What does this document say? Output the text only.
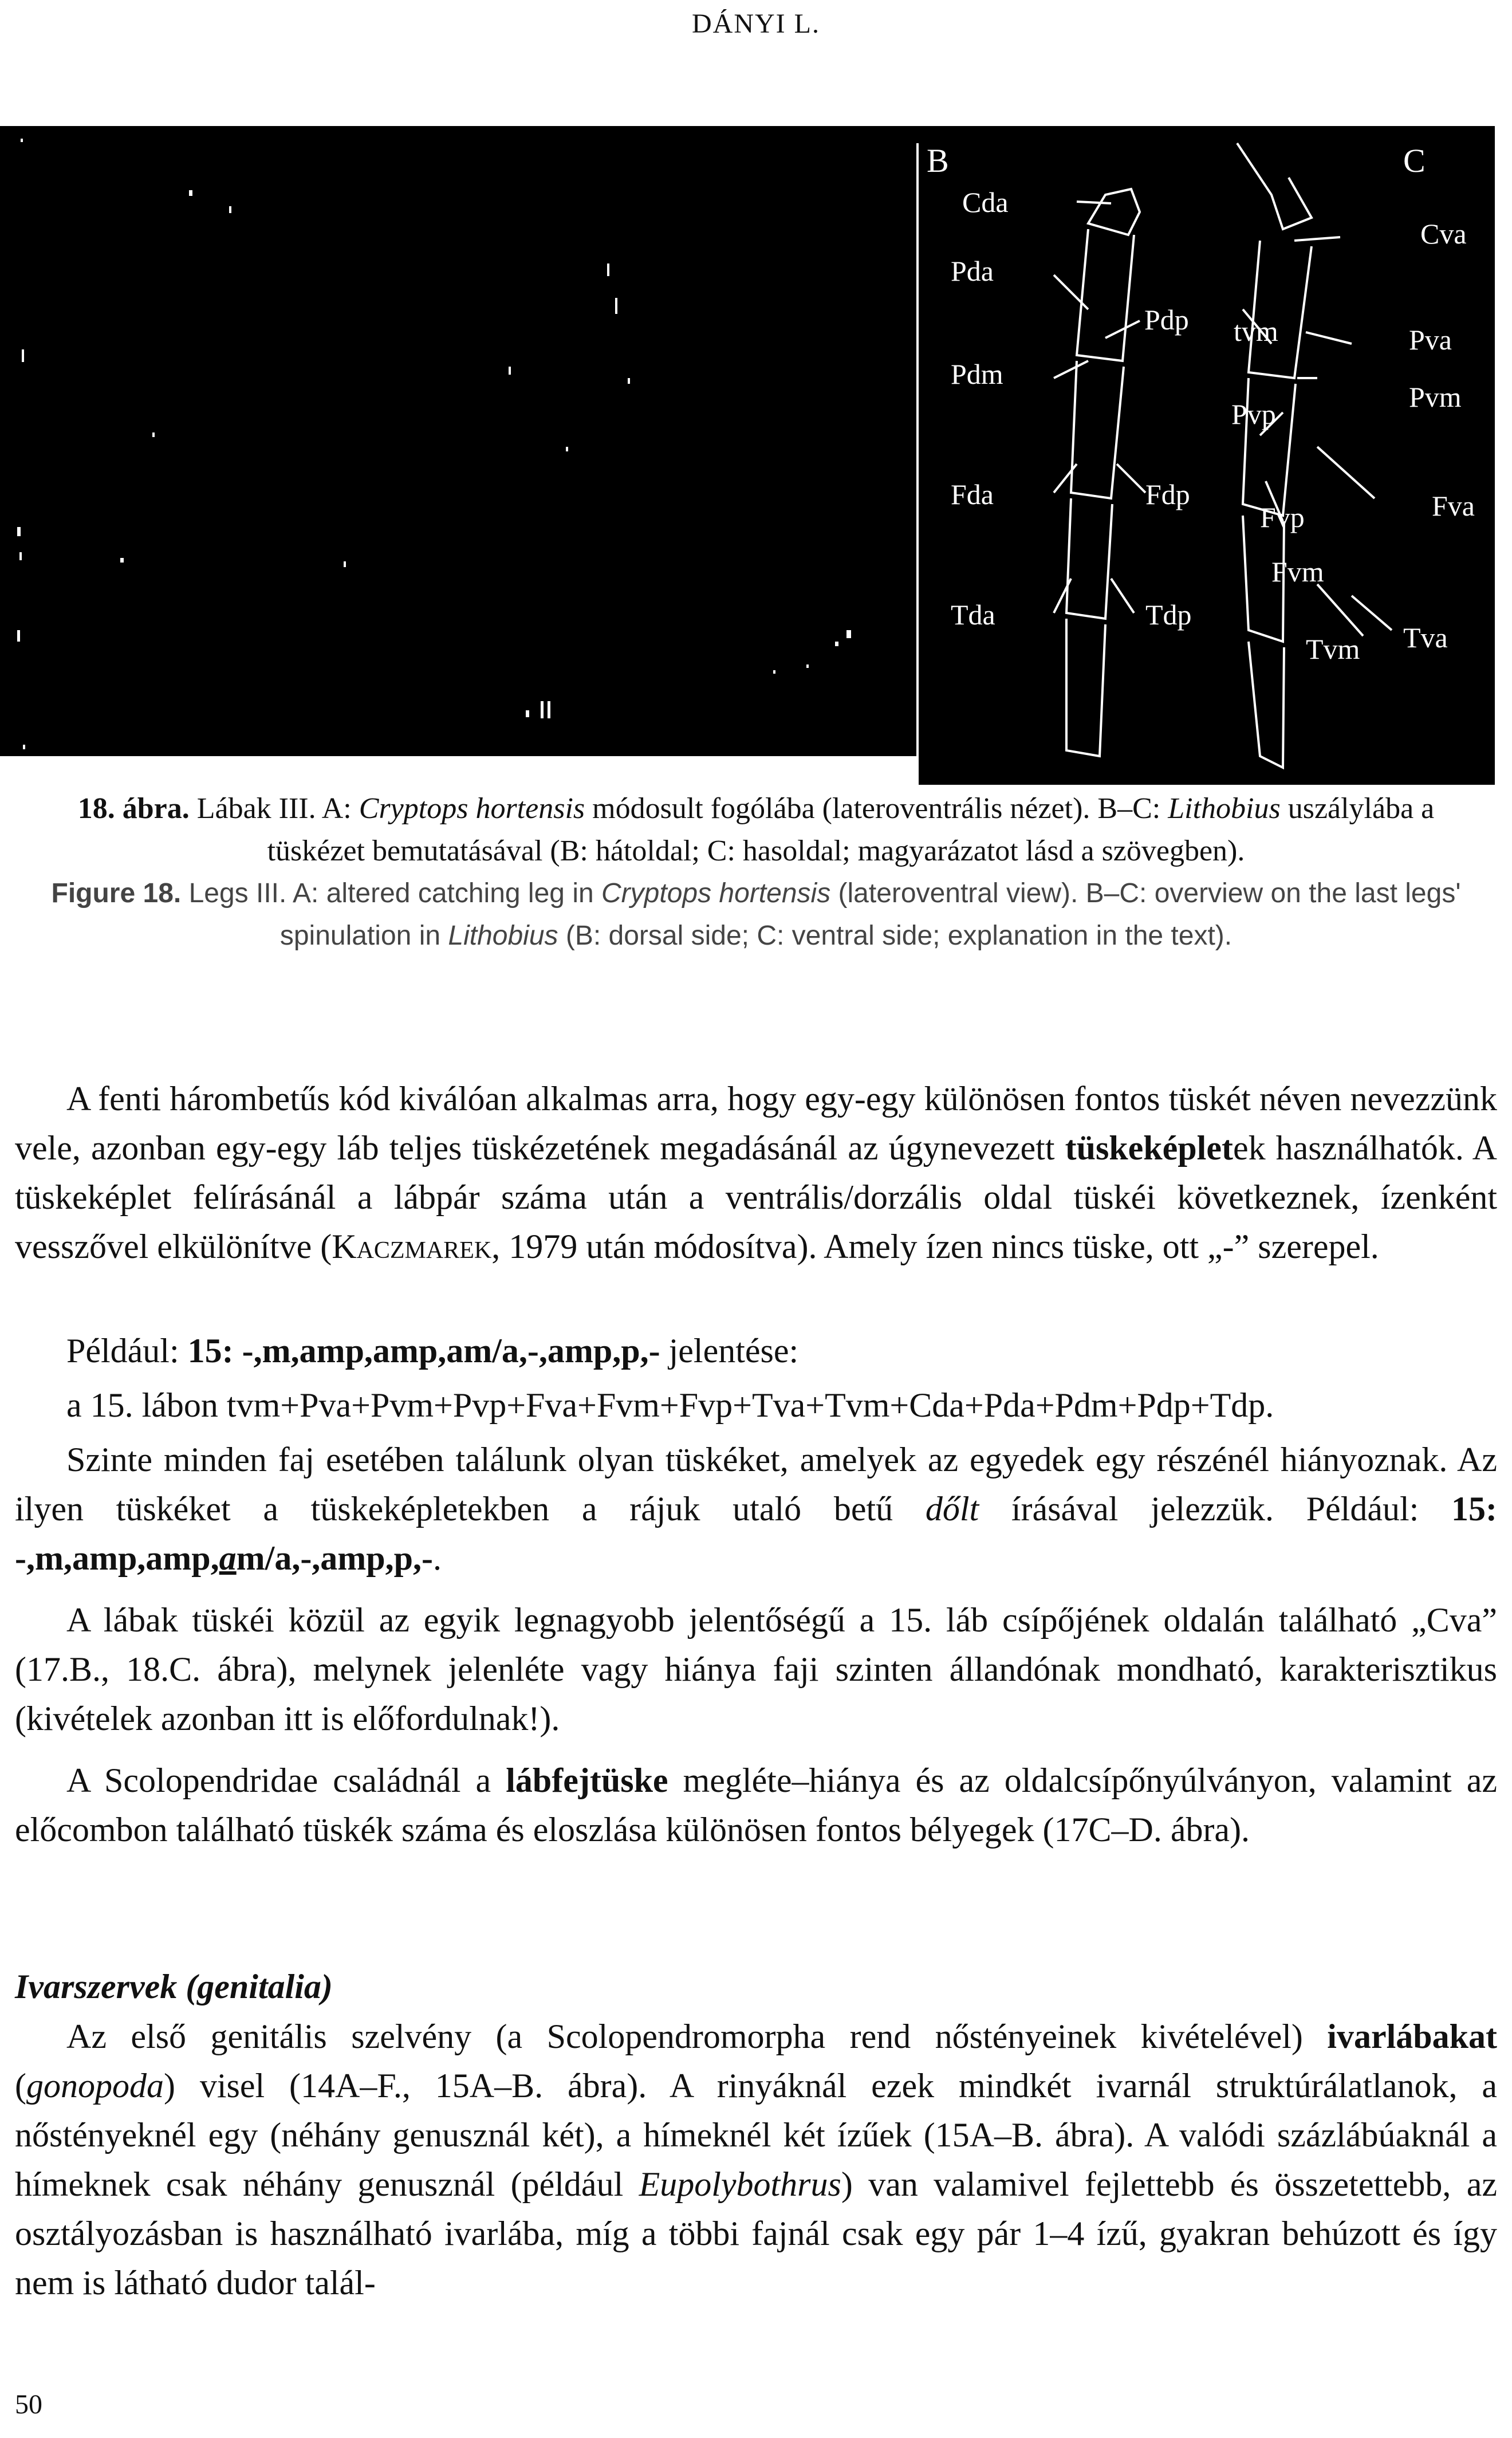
DÁNYI L.
B
Cda
Pda
Pdm
Pdp
Fda	Fdp
Tda	Tdp
C
Cva
tvm	Pva
Pvp
Pvm
Fvp	Fva
Fvm
Tvm Tva
18. ábra. Lábak III. A: Cryptops hortensis módosult fogólába (lateroventrális nézet). B–C: Lithobius uszálylába a tüskézet bemutatásával (B: hátoldal; C: hasoldal; magyarázatot lásd a szövegben).
Figure 18. Legs III. A: altered catching leg in Cryptops hortensis (lateroventral view). B–C: overview on the last legs' spinulation in Lithobius (B: dorsal side; C: ventral side; explanation in the text).

A fenti hárombetűs kód kiválóan alkalmas arra, hogy egy-egy különösen fontos tüskét néven nevezzünk vele, azonban egy-egy láb teljes tüskézetének megadásánál az úgynevezett tüskeképletek használhatók. A tüskeképlet felírásánál a lábpár száma után a ventrális/dorzális oldal tüskéi következnek, ízenként vesszővel elkülönítve (Kaczmarek, 1979 után módosítva). Amely ízen nincs tüske, ott „-” szerepel.

Például: 15: -,m,amp,amp,am/a,-,amp,p,- jelentése:

a 15. lábon tvm+Pva+Pvm+Pvp+Fva+Fvm+Fvp+Tva+Tvm+Cda+Pda+Pdm+Pdp+Tdp.

Szinte minden faj esetében találunk olyan tüskéket, amelyek az egyedek egy részénél hiányoznak. Az ilyen tüskéket a tüskeképletekben a rájuk utaló betű dőlt írásával jelezzük. Például: 15: -,m,amp,amp,am/a,-,amp,p,-.

A lábak tüskéi közül az egyik legnagyobb jelentőségű a 15. láb csípőjének oldalán található „Cva” (17.B., 18.C. ábra), melynek jelenléte vagy hiánya faji szinten állandónak mondható, karakterisztikus (kivételek azonban itt is előfordulnak!).

A Scolopendridae családnál a lábfejtüske megléte–hiánya és az oldalcsípőnyúlványon, valamint az előcombon található tüskék száma és eloszlása különösen fontos bélyegek (17C–D. ábra).

Ivarszervek (genitalia)

Az első genitális szelvény (a Scolopendromorpha rend nőstényeinek kivételével) ivarlábakat (gonopoda) visel (14A–F., 15A–B. ábra). A rinyáknál ezek mindkét ivarnál struktúrálatlanok, a nőstényeknél egy (néhány genusznál két), a hímeknél két ízűek (15A–B. ábra). A valódi százlábúaknál a hímeknek csak néhány genusznál (például Eupolybothrus) van valamivel fejlettebb és összetettebb, az osztályozásban is használható ivarlába, míg a többi fajnál csak egy pár 1–4 ízű, gyakran behúzott és így nem is látható dudor talál-

50
